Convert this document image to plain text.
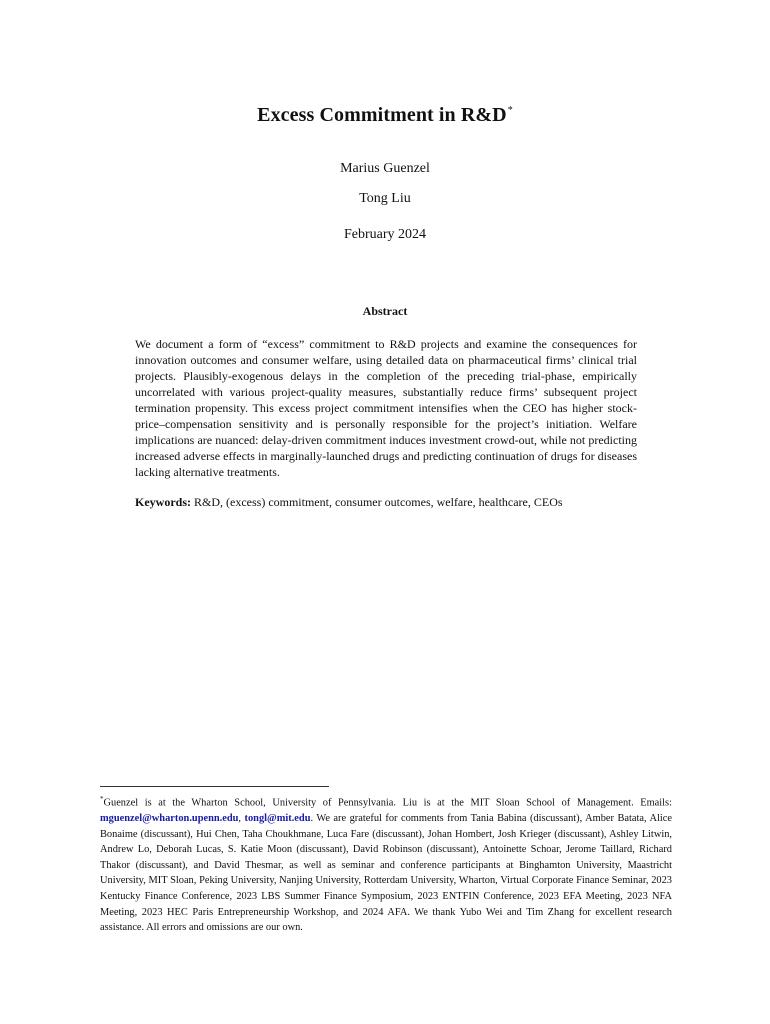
Excess Commitment in R&D*
Marius Guenzel
Tong Liu
February 2024
Abstract
We document a form of “excess” commitment to R&D projects and examine the consequences for innovation outcomes and consumer welfare, using detailed data on pharmaceutical firms’ clinical trial projects. Plausibly-exogenous delays in the completion of the preceding trial-phase, empirically uncorrelated with various project-quality measures, substantially reduce firms’ subsequent project termination propensity. This excess project commitment intensifies when the CEO has higher stock-price–compensation sensitivity and is personally responsible for the project’s initiation. Welfare implications are nuanced: delay-driven commitment induces investment crowd-out, while not predicting increased adverse effects in marginally-launched drugs and predicting continuation of drugs for diseases lacking alternative treatments.
Keywords: R&D, (excess) commitment, consumer outcomes, welfare, healthcare, CEOs
*Guenzel is at the Wharton School, University of Pennsylvania. Liu is at the MIT Sloan School of Management. Emails: mguenzel@wharton.upenn.edu, tongl@mit.edu. We are grateful for comments from Tania Babina (discussant), Amber Batata, Alice Bonaime (discussant), Hui Chen, Taha Choukhmane, Luca Fare (discussant), Johan Hombert, Josh Krieger (discussant), Ashley Litwin, Andrew Lo, Deborah Lucas, S. Katie Moon (discussant), David Robinson (discussant), Antoinette Schoar, Jerome Taillard, Richard Thakor (discussant), and David Thesmar, as well as seminar and conference participants at Binghamton University, Maastricht University, MIT Sloan, Peking University, Nanjing University, Rotterdam University, Wharton, Virtual Corporate Finance Seminar, 2023 Kentucky Finance Conference, 2023 LBS Summer Finance Symposium, 2023 ENTFIN Conference, 2023 EFA Meeting, 2023 NFA Meeting, 2023 HEC Paris Entrepreneurship Workshop, and 2024 AFA. We thank Yubo Wei and Tim Zhang for excellent research assistance. All errors and omissions are our own.
